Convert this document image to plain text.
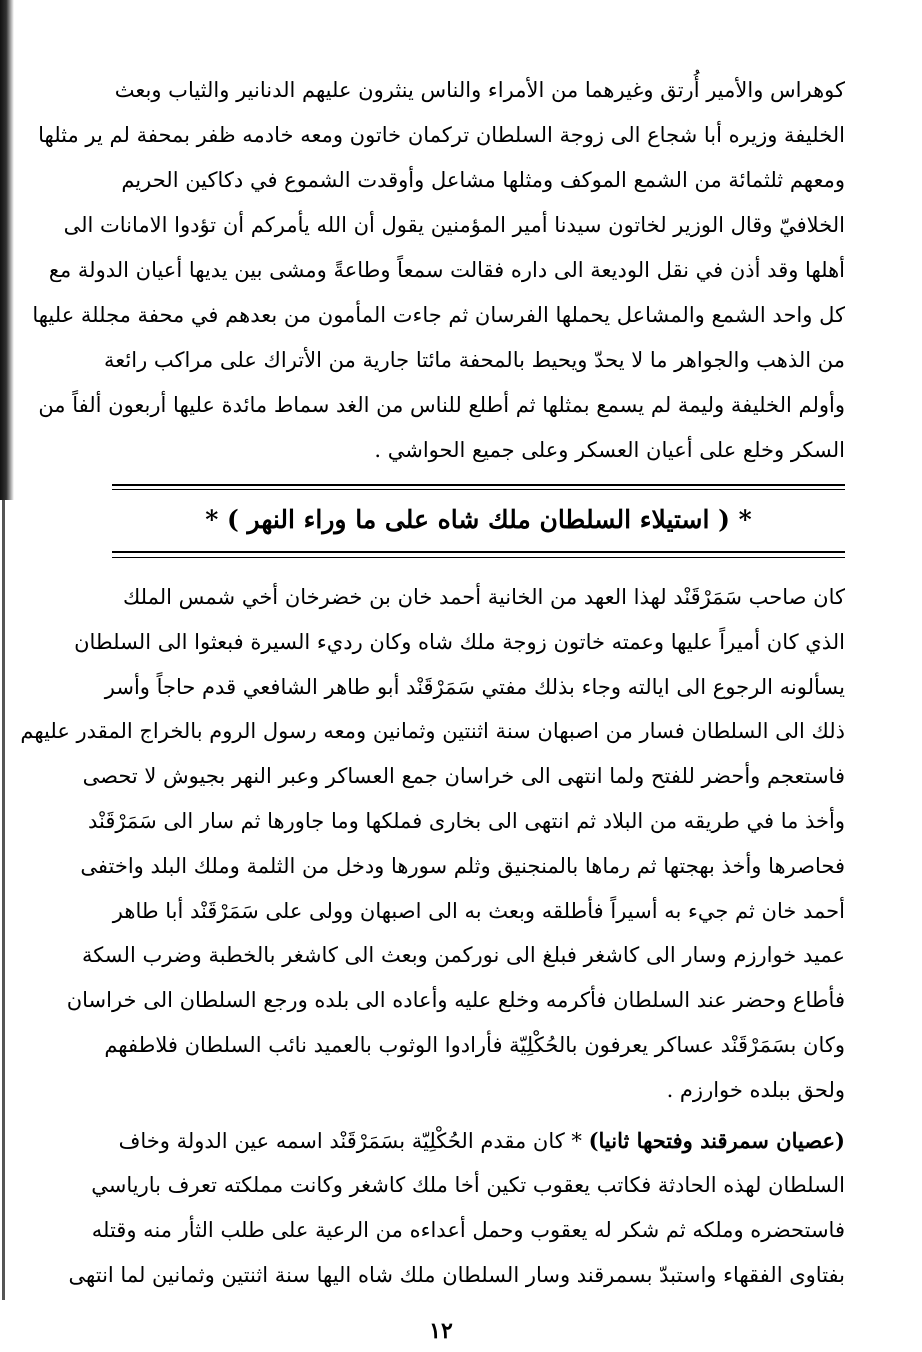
كوهراس والأمير أُرتق وغيرهما من الأمراء والناس ينثرون عليهم الدنانير والثياب وبعث
الخليفة وزيره أبا شجاع الى زوجة السلطان تركمان خاتون ومعه خادمه ظفر بمحفة لم ير مثلها
ومعهم ثلثمائة من الشمع الموكف ومثلها مشاعل وأوقدت الشموع في دكاكين الحريم
الخلافيّ وقال الوزير لخاتون سيدنا أمير المؤمنين يقول أن الله يأمركم أن تؤدوا الامانات الى
أهلها وقد أذن في نقل الوديعة الى داره فقالت سمعاً وطاعةً ومشى بين يديها أعيان الدولة مع
كل واحد الشمع والمشاعل يحملها الفرسان ثم جاءت المأمون من بعدهم في محفة مجللة عليها
من الذهب والجواهر ما لا يحدّ ويحيط بالمحفة مائتا جارية من الأتراك على مراكب رائعة
وأولم الخليفة وليمة لم يسمع بمثلها ثم أطلع للناس من الغد سماط مائدة عليها أربعون ألفاً من
السكر وخلع على أعيان العسكر وعلى جميع الحواشي .
* ( استيلاء السلطان ملك شاه على ما وراء النهر ) *
كان صاحب سَمَرْقَنْد لهذا العهد من الخانية أحمد خان بن خضرخان أخي شمس الملك
الذي كان أميراً عليها وعمته خاتون زوجة ملك شاه وكان رديء السيرة فبعثوا الى السلطان
يسألونه الرجوع الى ايالته وجاء بذلك مفتي سَمَرْقَنْد أبو طاهر الشافعي قدم حاجاً وأسر
ذلك الى السلطان فسار من اصبهان سنة اثنتين وثمانين ومعه رسول الروم بالخراج المقدر عليهم
فاستعجم وأحضر للفتح ولما انتهى الى خراسان جمع العساكر وعبر النهر بجيوش لا تحصى
وأخذ ما في طريقه من البلاد ثم انتهى الى بخارى فملكها وما جاورها ثم سار الى سَمَرْقَنْد
فحاصرها وأخذ بهجتها ثم رماها بالمنجنيق وثلم سورها ودخل من الثلمة وملك البلد واختفى
أحمد خان ثم جيء به أسيراً فأطلقه وبعث به الى اصبهان وولى على سَمَرْقَنْد أبا طاهر
عميد خوارزم وسار الى كاشغر فبلغ الى نوركمن وبعث الى كاشغر بالخطبة وضرب السكة
فأطاع وحضر عند السلطان فأكرمه وخلع عليه وأعاده الى بلده ورجع السلطان الى خراسان
وكان بسَمَرْقَنْد عساكر يعرفون بالحُكْلِيّة فأرادوا الوثوب بالعميد نائب السلطان فلاطفهم
ولحق ببلده خوارزم .
(عصيان سمرقند وفتحها ثانيا) * كان مقدم الحُكْلِيّة بسَمَرْقَنْد اسمه عين الدولة وخاف
السلطان لهذه الحادثة فكاتب يعقوب تكين أخا ملك كاشغر وكانت مملكته تعرف بارياسي
فاستحضره وملكه ثم شكر له يعقوب وحمل أعداءه من الرعية على طلب الثأر منه وقتله
بفتاوى الفقهاء واستبدّ بسمرقند وسار السلطان ملك شاه اليها سنة اثنتين وثمانين لما انتهى
١٢
